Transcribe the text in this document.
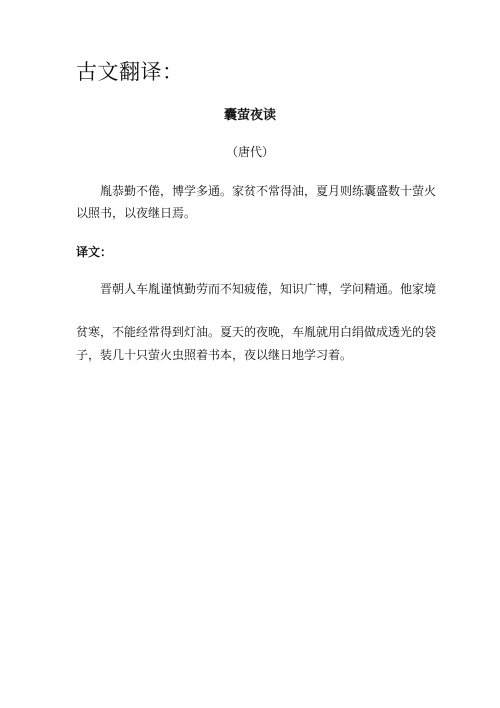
古文翻译：
囊萤夜读
（唐代）
胤恭勤不倦，博学多通。家贫不常得油，夏月则练囊盛数十萤火
以照书，以夜继日焉。
译文：
晋朝人车胤谨慎勤劳而不知疲倦，知识广博，学问精通。他家境
贫寒，不能经常得到灯油。夏天的夜晚，车胤就用白绢做成透光的袋
子，装几十只萤火虫照着书本，夜以继日地学习着。
